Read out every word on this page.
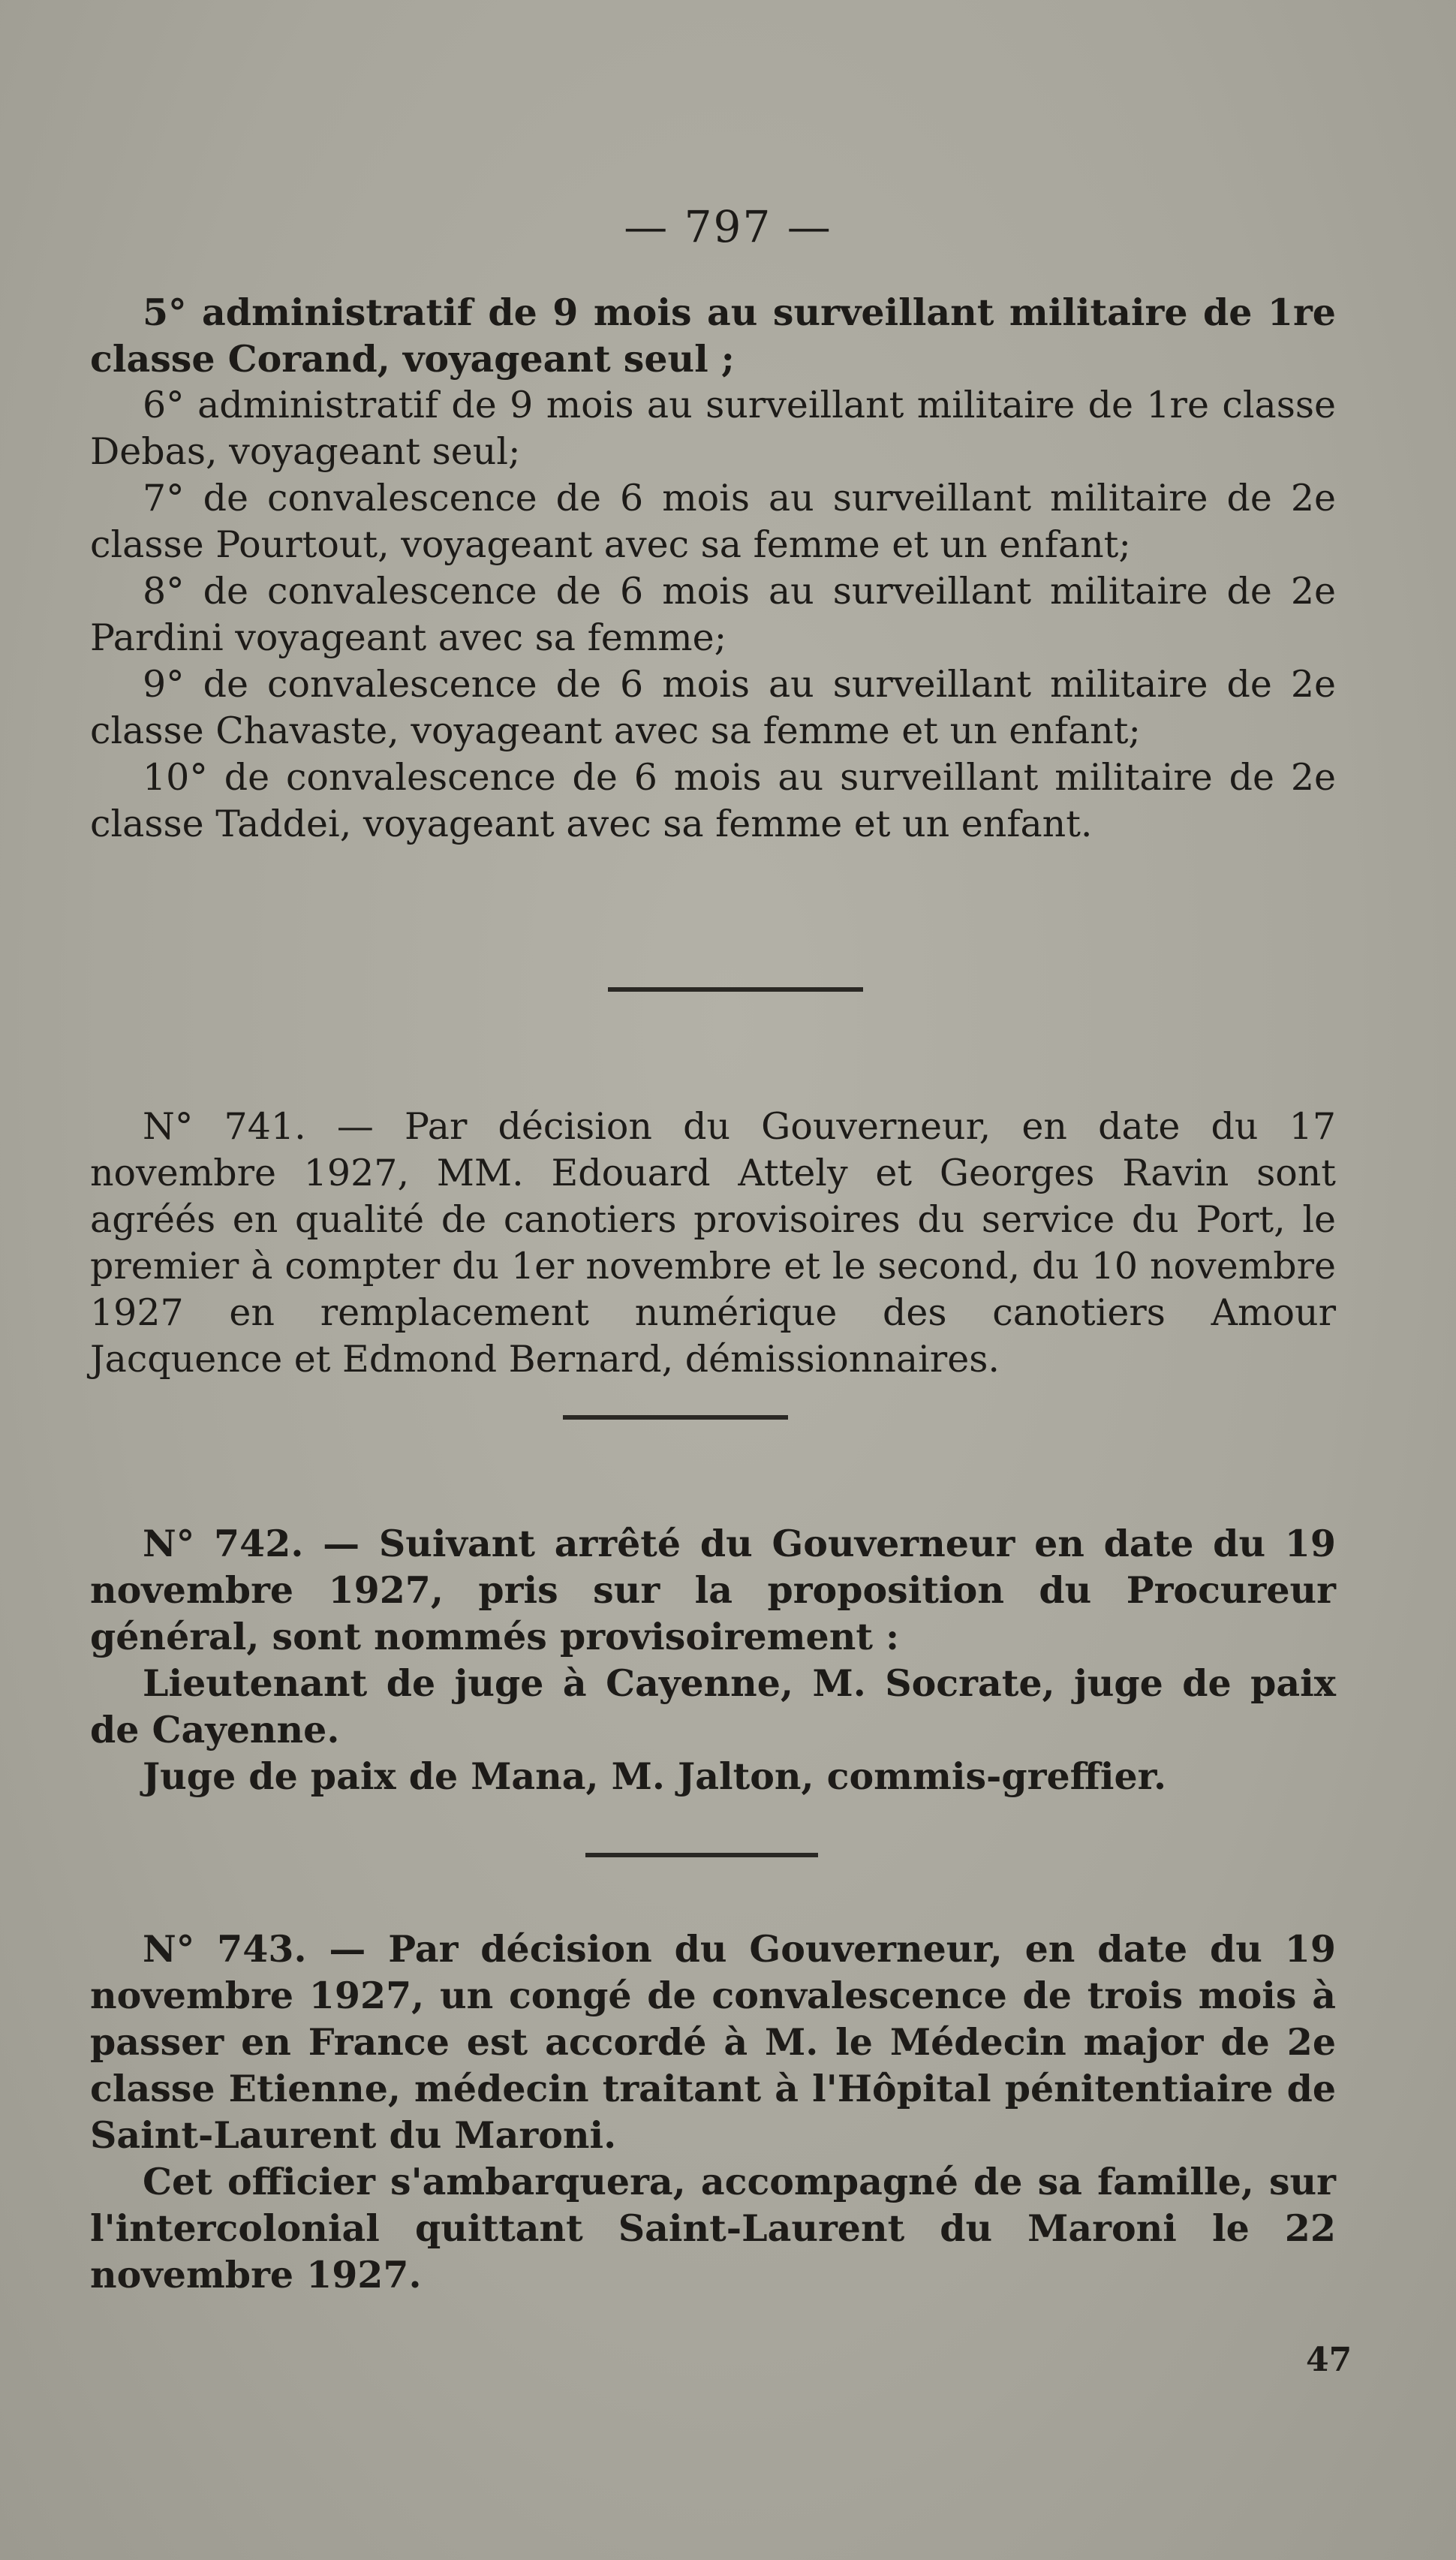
— 797 —

5° administratif de 9 mois au surveillant militaire de 1re classe Corand, voyageant seul ;

6° administratif de 9 mois au surveillant militaire de 1re classe Debas, voyageant seul;

7° de convalescence de 6 mois au surveillant militaire de 2e classe Pourtout, voyageant avec sa femme et un enfant;

8° de convalescence de 6 mois au surveillant militaire de 2e Pardini voyageant avec sa femme;

9° de convalescence de 6 mois au surveillant militaire de 2e classe Chavaste, voyageant avec sa femme et un enfant;

10° de convalescence de 6 mois au surveillant militaire de 2e classe Taddei, voyageant avec sa femme et un enfant.

N° 741. — Par décision du Gouverneur, en date du 17 novembre 1927, MM. Edouard Attely et Georges Ravin sont agréés en qualité de canotiers provisoires du service du Port, le premier à compter du 1er novembre et le second, du 10 novembre 1927 en remplacement numérique des canotiers Amour Jacquence et Edmond Bernard, démissionnaires.

N° 742. — Suivant arrêté du Gouverneur en date du 19 novembre 1927, pris sur la proposition du Procureur général, sont nommés provisoirement :

Lieutenant de juge à Cayenne, M. Socrate, juge de paix de Cayenne.

Juge de paix de Mana, M. Jalton, commis-greffier.

N° 743. — Par décision du Gouverneur, en date du 19 novembre 1927, un congé de convalescence de trois mois à passer en France est accordé à M. le Médecin major de 2e classe Etienne, médecin traitant à l'Hôpital pénitentiaire de Saint-Laurent du Maroni.

Cet officier s'ambarquera, accompagné de sa famille, sur l'intercolonial quittant Saint-Laurent du Maroni le 22 novembre 1927.

47
